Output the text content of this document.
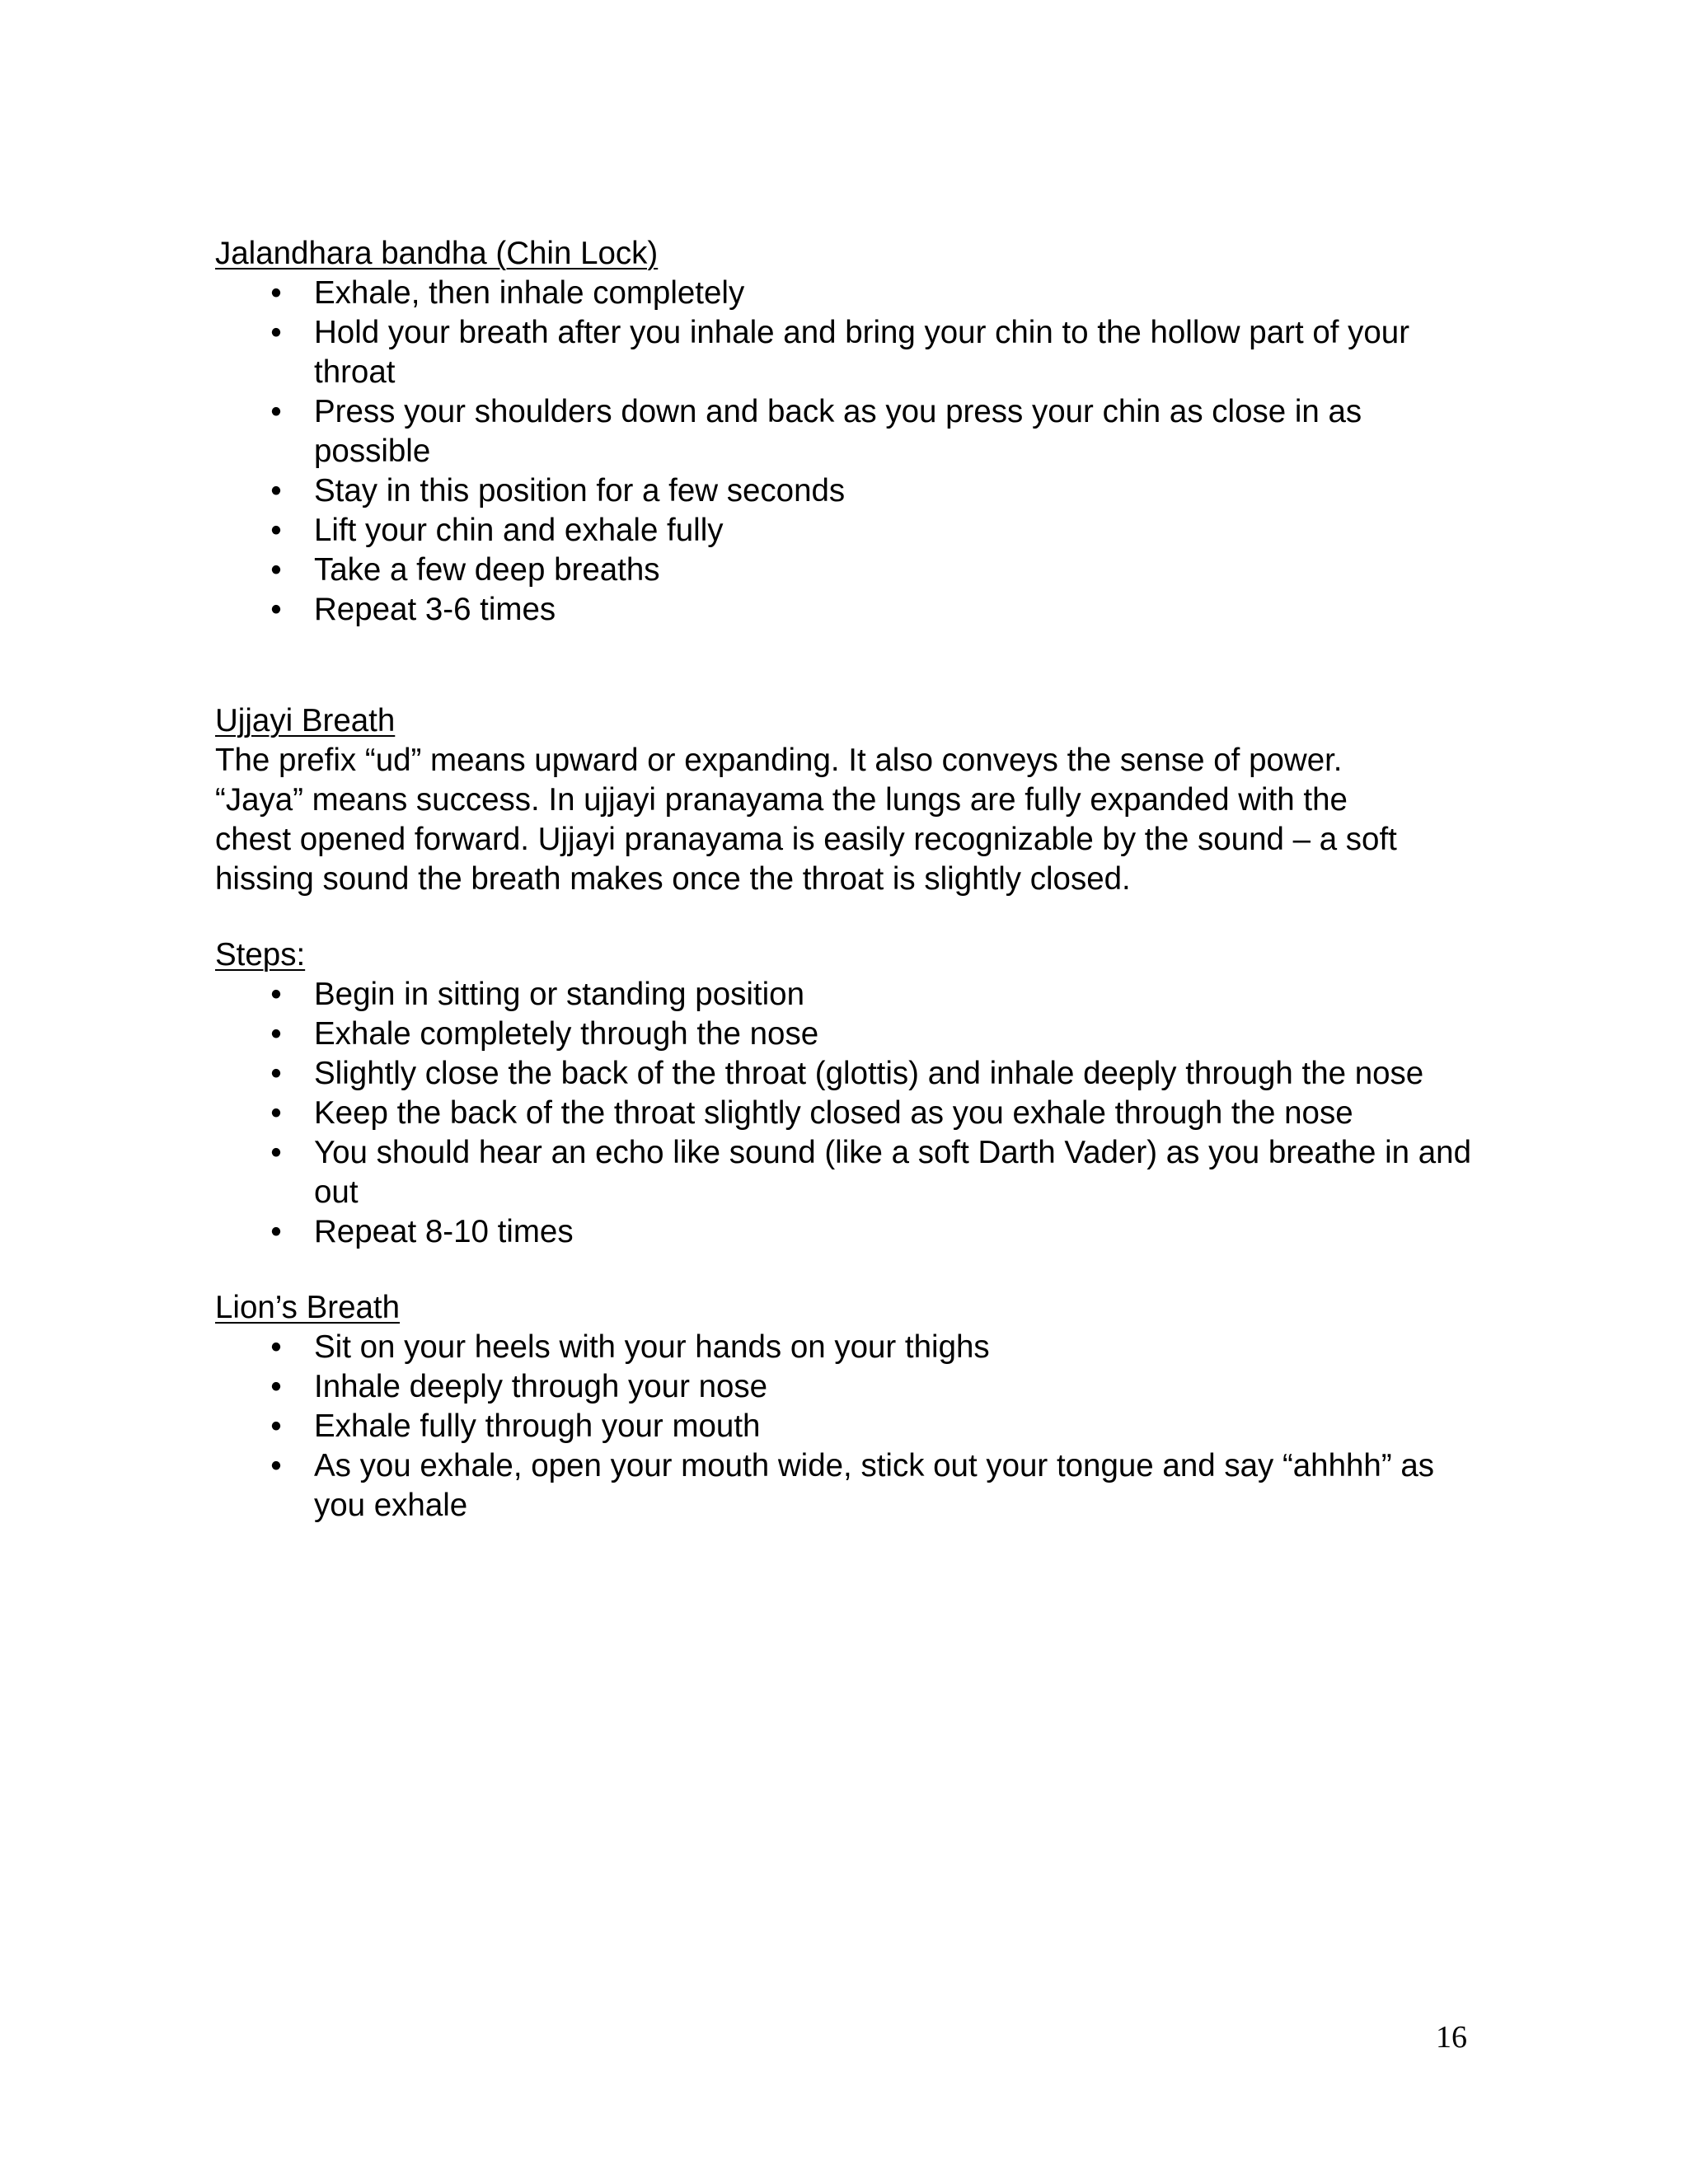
Jalandhara bandha (Chin Lock)
• Exhale, then inhale completely
• Hold your breath after you inhale and bring your chin to the hollow part of your throat
• Press your shoulders down and back as you press your chin as close in as possible
• Stay in this position for a few seconds
• Lift your chin and exhale fully
• Take a few deep breaths
• Repeat 3-6 times
Ujjayi Breath
The prefix “ud” means upward or expanding. It also conveys the sense of power.
“Jaya” means success. In ujjayi pranayama the lungs are fully expanded with the
chest opened forward. Ujjayi pranayama is easily recognizable by the sound – a soft
hissing sound the breath makes once the throat is slightly closed.
Steps:
• Begin in sitting or standing position
• Exhale completely through the nose
• Slightly close the back of the throat (glottis) and inhale deeply through the nose
• Keep the back of the throat slightly closed as you exhale through the nose
• You should hear an echo like sound (like a soft Darth Vader) as you breathe in and out
• Repeat 8-10 times
Lion’s Breath
• Sit on your heels with your hands on your thighs
• Inhale deeply through your nose
• Exhale fully through your mouth
• As you exhale, open your mouth wide, stick out your tongue and say “ahhhh” as you exhale
16
